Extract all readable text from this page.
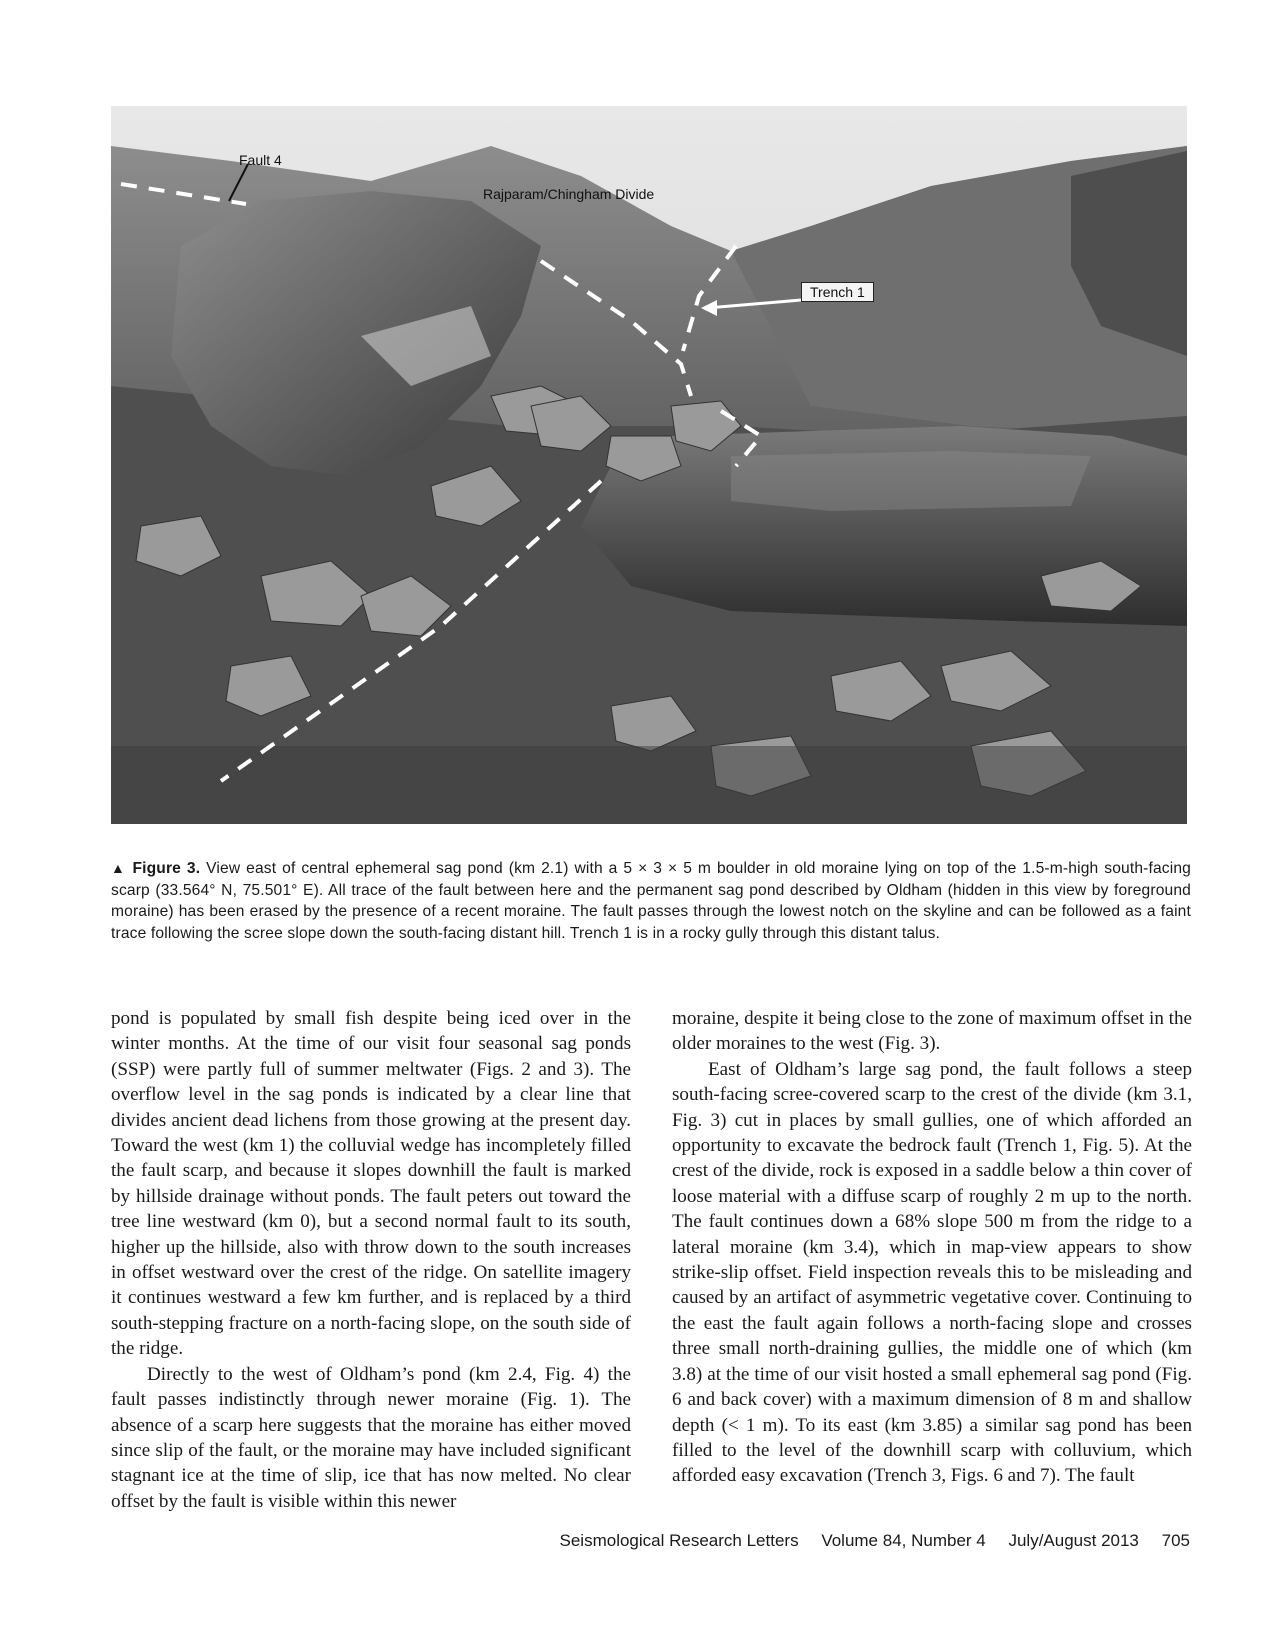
Fault 4
Rajparam/Chingham Divide
Trench 1
▲ Figure 3. View east of central ephemeral sag pond (km 2.1) with a 5 × 3 × 5 m boulder in old moraine lying on top of the 1.5-m-high south-facing scarp (33.564° N, 75.501° E). All trace of the fault between here and the permanent sag pond described by Oldham (hidden in this view by foreground moraine) has been erased by the presence of a recent moraine. The fault passes through the lowest notch on the skyline and can be followed as a faint trace following the scree slope down the south-facing distant hill. Trench 1 is in a rocky gully through this distant talus.

pond is populated by small fish despite being iced over in the winter months. At the time of our visit four seasonal sag ponds (SSP) were partly full of summer meltwater (Figs. 2 and 3). The overflow level in the sag ponds is indicated by a clear line that divides ancient dead lichens from those growing at the present day. Toward the west (km 1) the colluvial wedge has incompletely filled the fault scarp, and because it slopes downhill the fault is marked by hillside drainage without ponds. The fault peters out toward the tree line westward (km 0), but a second normal fault to its south, higher up the hillside, also with throw down to the south increases in offset westward over the crest of the ridge. On satellite imagery it continues westward a few km further, and is replaced by a third south-stepping fracture on a north-facing slope, on the south side of the ridge.

Directly to the west of Oldham’s pond (km 2.4, Fig. 4) the fault passes indistinctly through newer moraine (Fig. 1). The absence of a scarp here suggests that the moraine has either moved since slip of the fault, or the moraine may have included significant stagnant ice at the time of slip, ice that has now melted. No clear offset by the fault is visible within this newer

moraine, despite it being close to the zone of maximum offset in the older moraines to the west (Fig. 3).

East of Oldham’s large sag pond, the fault follows a steep south-facing scree-covered scarp to the crest of the divide (km 3.1, Fig. 3) cut in places by small gullies, one of which afforded an opportunity to excavate the bedrock fault (Trench 1, Fig. 5). At the crest of the divide, rock is exposed in a saddle below a thin cover of loose material with a diffuse scarp of roughly 2 m up to the north. The fault continues down a 68% slope 500 m from the ridge to a lateral moraine (km 3.4), which in map-view appears to show strike-slip offset. Field inspection reveals this to be misleading and caused by an artifact of asymmetric vegetative cover. Continuing to the east the fault again follows a north-facing slope and crosses three small north-draining gullies, the middle one of which (km 3.8) at the time of our visit hosted a small ephemeral sag pond (Fig. 6 and back cover) with a maximum dimension of 8 m and shallow depth (< 1 m). To its east (km 3.85) a similar sag pond has been filled to the level of the downhill scarp with colluvium, which afforded easy excavation (Trench 3, Figs. 6 and 7). The fault

Seismological Research Letters Volume 84, Number 4 July/August 2013 705
